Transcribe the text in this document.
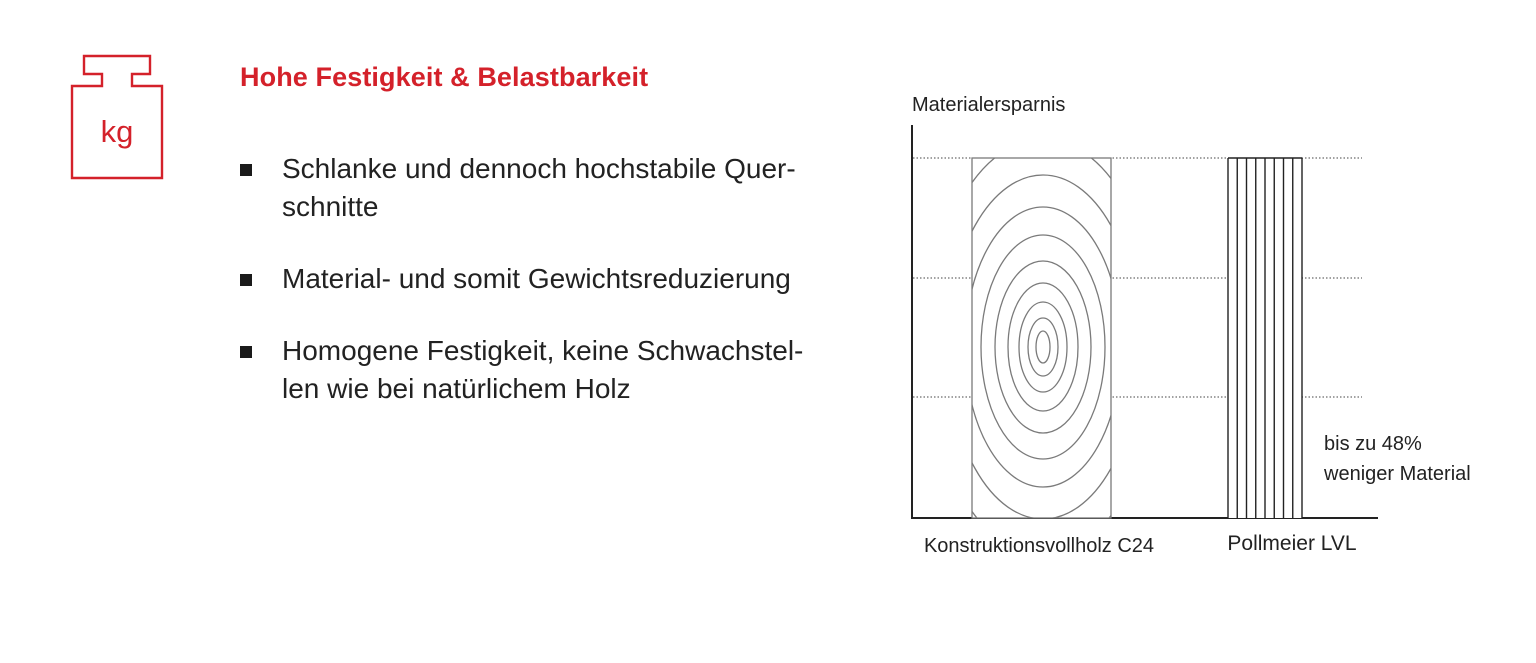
kg
Hohe Festigkeit & Belastbarkeit
Schlanke und dennoch hochstabile Quer-
schnitte
Material- und somit Gewichtsreduzierung
Homogene Festigkeit, keine Schwachstel-
len wie bei natürlichem Holz
Materialersparnis
Konstruktionsvollholz C24	Pollmeier LVL
bis zu 48%
weniger Material
